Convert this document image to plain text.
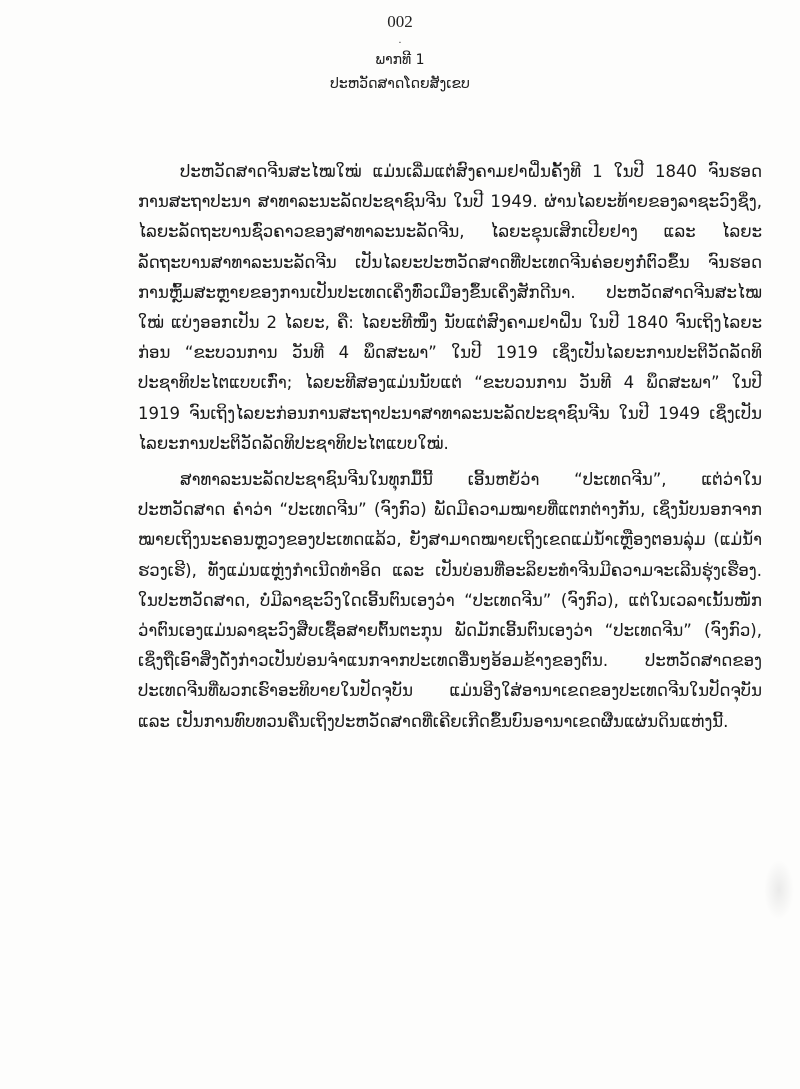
002
·
ພາກທີ 1
ປະຫວັດສາດໂດຍສັງເຂບ

ປະຫວັດສາດຈີນສະໄໝໃໝ່ ແມ່ນເລີ່ມແຕ່ສົງຄາມຢາຝິ່ນຄັ້ງທີ 1 ໃນປີ 1840 ຈົນຮອດການສະຖາປະນາ ສາທາລະນະລັດປະຊາຊົນຈີນ ໃນປີ 1949. ຜ່ານໄລຍະທ້າຍຂອງລາຊະວົງຊິ່ງ, ໄລຍະລັດຖະບານຊົ່ວຄາວຂອງສາທາລະນະລັດຈີນ, ໄລຍະຂຸນເສິກເປີຍຢາງ ແລະ ໄລຍະລັດຖະບານສາທາລະນະລັດຈີນ ເປັນໄລຍະປະຫວັດສາດທີ່ປະເທດຈີນຄ່ອຍໆກໍ່ຕົວຂຶ້ນ ຈົນຮອດການຫຼົ້ມສະຫຼາຍຂອງການເປັນປະເທດເຄິ່ງທົ່ວເມືອງຂຶ້ນເຄິ່ງສັກດີນາ. ປະຫວັດສາດຈີນສະໄໝໃໝ່ ແບ່ງອອກເປັນ 2 ໄລຍະ, ຄື: ໄລຍະທີໜຶ່ງ ນັບແຕ່ສົງຄາມຢາຝິ່ນ ໃນປີ 1840 ຈົນເຖິງໄລຍະກ່ອນ “ຂະບວນການ ວັນທີ 4 ພຶດສະພາ” ໃນປີ 1919 ເຊິ່ງເປັນໄລຍະການປະຕິວັດລັດທິປະຊາທິປະໄຕແບບເກົ່າ; ໄລຍະທີສອງແມ່ນນັບແຕ່ “ຂະບວນການ ວັນທີ 4 ພຶດສະພາ” ໃນປີ 1919 ຈົນເຖິງໄລຍະກ່ອນການສະຖາປະນາສາທາລະນະລັດປະຊາຊົນຈີນ ໃນປີ 1949 ເຊິ່ງເປັນໄລຍະການປະຕິວັດລັດທິປະຊາທິປະໄຕແບບໃໝ່.

ສາທາລະນະລັດປະຊາຊົນຈີນໃນທຸກມື້ນີ້ ເອີ້ນຫຍໍ້ວ່າ “ປະເທດຈີນ”, ແຕ່ວ່າໃນປະຫວັດສາດ ຄຳວ່າ “ປະເທດຈີນ” (ຈົງກົວ) ພັດມີຄວາມໝາຍທີ່ແຕກຕ່າງກັນ, ເຊິ່ງນັບນອກຈາກໝາຍເຖິງນະຄອນຫຼວງຂອງປະເທດແລ້ວ, ຍັງສາມາດໝາຍເຖິງເຂດແມ່ນ້ຳເຫຼືອງຕອນລຸ່ມ (ແມ່ນ້ຳຮວງເຮີ), ທັງແມ່ນແຫຼ່ງກຳເນີດທຳອິດ ແລະ ເປັນບ່ອນທີ່ອະລິຍະທຳຈີນມີຄວາມຈະເລີນຮຸ່ງເຮືອງ. ໃນປະຫວັດສາດ, ບໍ່ມີລາຊະວົງໃດເອີ້ນຕົນເອງວ່າ “ປະເທດຈີນ” (ຈົງກົວ), ແຕ່ໃນເວລາເນັ້ນໜັກວ່າຕົນເອງແມ່ນລາຊະວົງສືບເຊື້ອສາຍຕົ້ນຕະກຸນ ພັດມັກເອີ້ນຕົນເອງວ່າ “ປະເທດຈີນ” (ຈົງກົວ), ເຊິ່ງຖືເອົາສິ່ງດັ່ງກ່າວເປັນບ່ອນຈຳແນກຈາກປະເທດອື່ນໆອ້ອມຂ້າງຂອງຕົນ. ປະຫວັດສາດຂອງປະເທດຈີນທີ່ພວກເຮົາອະທິບາຍໃນປັດຈຸບັນ ແມ່ນອີງໃສ່ອານາເຂດຂອງປະເທດຈີນໃນປັດຈຸບັນ ແລະ ເປັນການທົບທວນຄືນເຖິງປະຫວັດສາດທີ່ເຄີຍເກີດຂຶ້ນບົນອານາເຂດຜືນແຜ່ນດິນແຫ່ງນີ້.
